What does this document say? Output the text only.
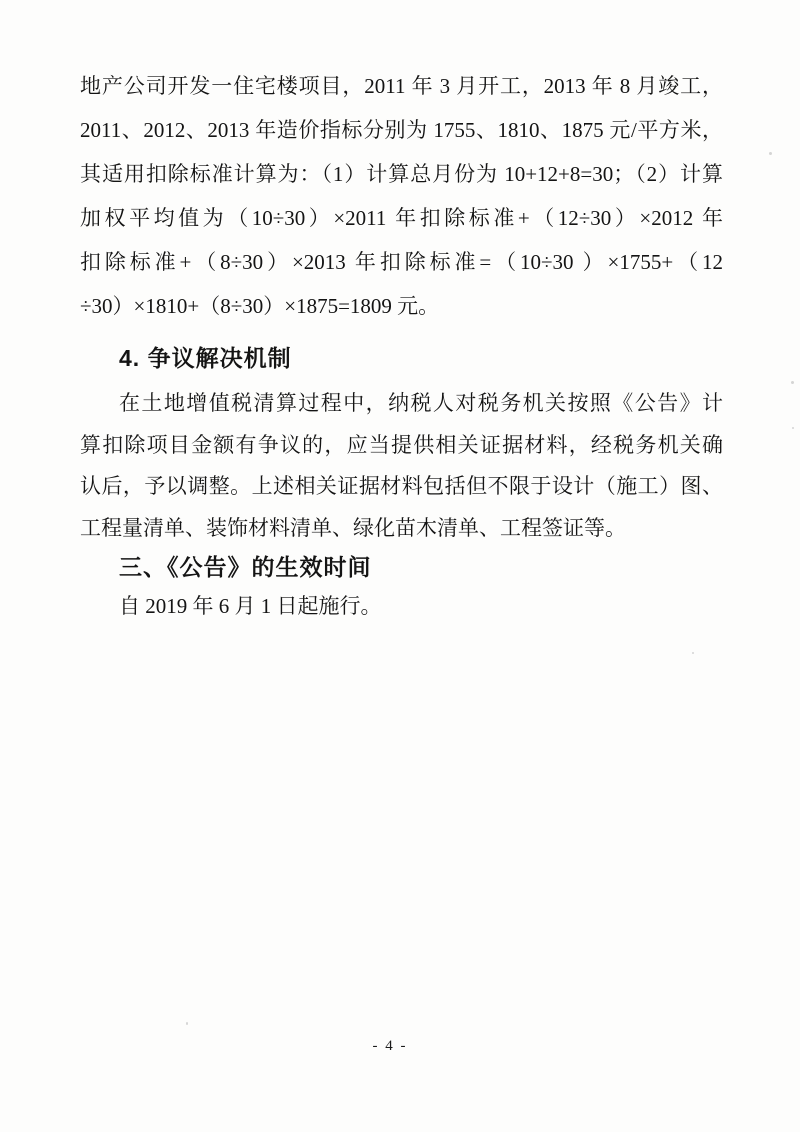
地产公司开发一住宅楼项目，2011 年 3 月开工，2013 年 8 月竣工，
2011、2012、2013 年造价指标分别为 1755、1810、1875 元/平方米，
其适用扣除标准计算为：（1）计算总月份为 10+12+8=30；（2）计算
加权平均值为（10÷30）×2011 年扣除标准+（12÷30）×2012 年
扣除标准+（8÷30）×2013 年扣除标准=（10÷30 ）×1755+（12
÷30）×1810+（8÷30）×1875=1809 元。
4. 争议解决机制
在土地增值税清算过程中，纳税人对税务机关按照《公告》计
算扣除项目金额有争议的，应当提供相关证据材料，经税务机关确
认后，予以调整。上述相关证据材料包括但不限于设计（施工）图、
工程量清单、装饰材料清单、绿化苗木清单、工程签证等。
三、《公告》的生效时间
自 2019 年 6 月 1 日起施行。
- 4 -
